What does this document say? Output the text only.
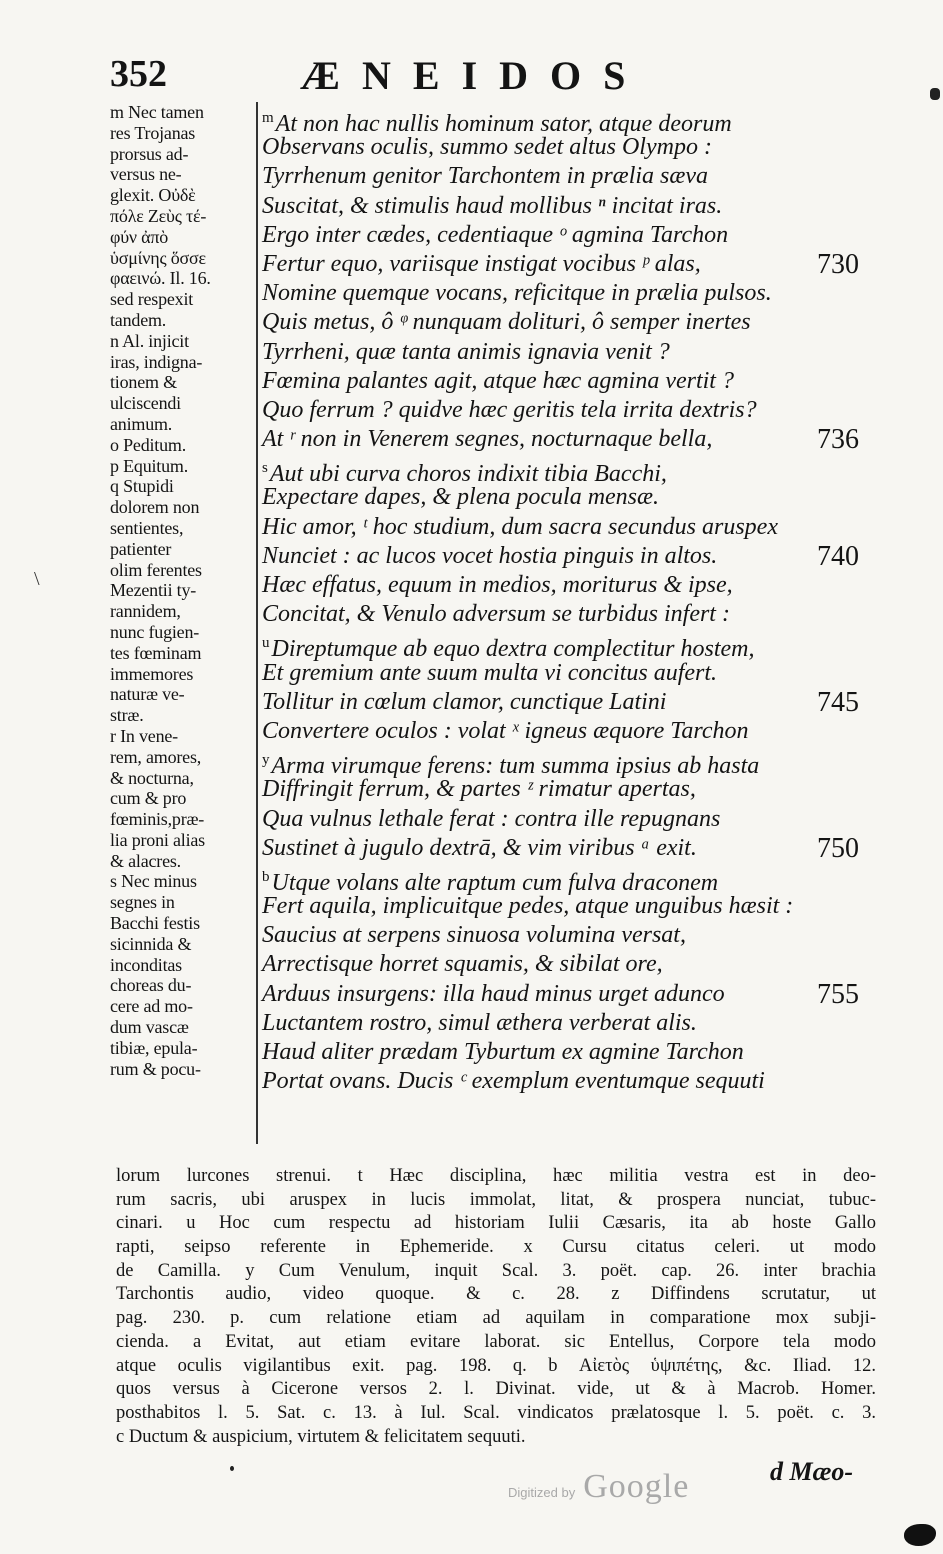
352	ÆNEIDOS
m Nec tamen
res Trojanas
prorsus ad-
versus ne-
glexit. Οὐδὲ
πόλε Ζεὺς τέ-
φύν ἀπὸ
ὑσμίνης ὅσσε
φαεινώ. Il. 16.
sed respexit
tandem.
n Al. injicit
iras, indigna-
tionem &
ulciscendi
animum.
o Peditum.
p Equitum.
q Stupidi
dolorem non
sentientes,
patienter
olim ferentes
Mezentii ty-
rannidem,
nunc fugien-
tes fœminam
immemores
naturæ ve-
stræ.
r In vene-
rem, amores,
& nocturna,
cum & pro
fœminis,præ-
lia proni alias
& alacres.
s Nec minus
segnes in
Bacchi festis
sicinnida &
inconditas
choreas du-
cere ad mo-
dum vascæ
tibiæ, epula-
rum & pocu-
$^m$At non hac nullis hominum sator, atque deorum
Observans oculis, summo sedet altus Olympo :
Tyrrhenum genitor Tarchontem in prælia sæva
Suscitat, & stimulis haud mollibus ⁿ incitat iras.
Ergo inter cædes, cedentiaque ᵒ agmina Tarchon
Fertur equo, variisque instigat vocibus ᵖ alas,	730
Nomine quemque vocans, reficitque in prælia pulsos.
Quis metus, ô ᵠ nunquam dolituri, ô semper inertes
Tyrrheni, quæ tanta animis ignavia venit ?
Fœmina palantes agit, atque hæc agmina vertit ?
Quo ferrum ? quidve hæc geritis tela irrita dextris?
At ʳ non in Venerem segnes, nocturnaque bella,	736
$^s$Aut ubi curva choros indixit tibia Bacchi,
Expectare dapes, & plena pocula mensæ.
Hic amor, ᵗ hoc studium, dum sacra secundus aruspex
Nunciet : ac lucos vocet hostia pinguis in altos.	740
Hæc effatus, equum in medios, moriturus & ipse,
Concitat, & Venulo adversum se turbidus infert :
$^u$Direptumque ab equo dextra complectitur hostem,
Et gremium ante suum multa vi concitus aufert.
Tollitur in cœlum clamor, cunctique Latini	745
Convertere oculos : volat ˣ igneus æquore Tarchon
$^y$Arma virumque ferens: tum summa ipsius ab hasta
Diffringit ferrum, & partes ᶻ rimatur apertas,
Qua vulnus lethale ferat : contra ille repugnans
Sustinet à jugulo dextrā, & vim viribus ᵃ exit.	750
$^b$Utque volans alte raptum cum fulva draconem
Fert aquila, implicuitque pedes, atque unguibus hæsit :
Saucius at serpens sinuosa volumina versat,
Arrectisque horret squamis, & sibilat ore,
Arduus insurgens: illa haud minus urget adunco	755
Luctantem rostro, simul æthera verberat alis.
Haud aliter prædam Tyburtum ex agmine Tarchon
Portat ovans. Ducis ᶜ exemplum eventumque sequuti
lorum lurcones strenui. t Hæc disciplina, hæc militia vestra est in deo-
rum sacris, ubi aruspex in lucis immolat, litat, & prospera nunciat, tubuc-
cinari. u Hoc cum respectu ad historiam Iulii Cæsaris, ita ab hoste Gallo
rapti, seipso referente in Ephemeride. x Cursu citatus celeri. ut modo
de Camilla. y Cum Venulum, inquit Scal. 3. poët. cap. 26. inter brachia
Tarchontis audio, video quoque. & c. 28. z Diffindens scrutatur, ut
pag. 230. p. cum relatione etiam ad aquilam in comparatione mox subji-
cienda. a Evitat, aut etiam evitare laborat. sic Entellus, Corpore tela modo
atque oculis vigilantibus exit. pag. 198. q. b Αἰετὸς ὑψιπέτης, &c. Iliad. 12.
quos versus à Cicerone versos 2. l. Divinat. vide, ut & à Macrob. Homer.
posthabitos l. 5. Sat. c. 13. à Iul. Scal. vindicatos prælatosque l. 5. poët. c. 3.
c Ductum & auspicium, virtutem & felicitatem sequuti.
\
d Mæo-
Digitized by Google
